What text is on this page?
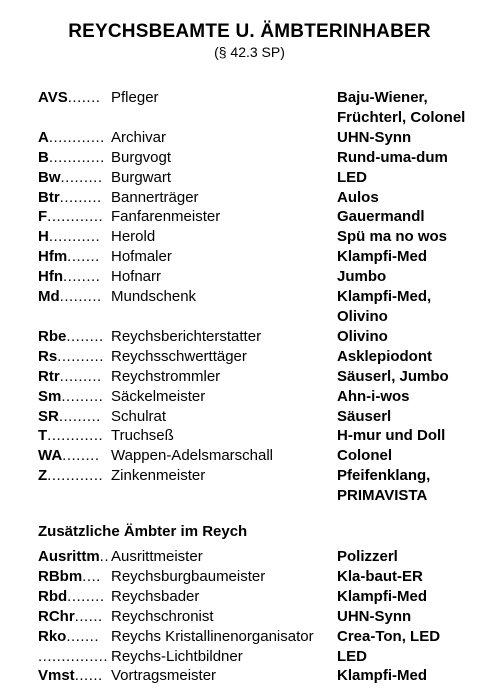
REYCHSBEAMTE U. ÄMBTERINHABER
(§ 42.3 SP)
AVS....... Pfleger	Baju-Wiener, Früchterl, Colonel
A............ Archivar	UHN-Synn
B............ Burgvogt	Rund-uma-dum
Bw......... Burgwart	LED
Btr......... Bannerträger	Aulos
F............ Fanfarenmeister	Gauermandl
H........... Herold	Spü ma no wos
Hfm....... Hofmaler	Klampfi-Med
Hfn........ Hofnarr	Jumbo
Md......... Mundschenk	Klampfi-Med, Olivino
Rbe........ Reychsberichterstatter	Olivino
Rs.......... Reychsschwerttäger	Asklepiodont
Rtr......... Reychstrommler	Säuserl, Jumbo
Sm......... Säckelmeister	Ahn-i-wos
SR......... Schulrat	Säuserl
T............ Truchseß	H-mur und Doll
WA........ Wappen-Adelsmarschall	Colonel
Z............ Zinkenmeister	Pfeifenklang, PRIMAVISTA
Zusätzliche Ämbter im Reych
Ausrittm.. Ausrittmeister	Polizzerl
RBbm.... Reychsburgbaumeister	Kla-baut-ER
Rbd........ Reychsbader	Klampfi-Med
RChr...... Reychschronist	UHN-Synn
Rko....... Reychs Kristallinenorganisator	Crea-Ton, LED
............... Reychs-Lichtbildner	LED
Vmst...... Vortragsmeister	Klampfi-Med
